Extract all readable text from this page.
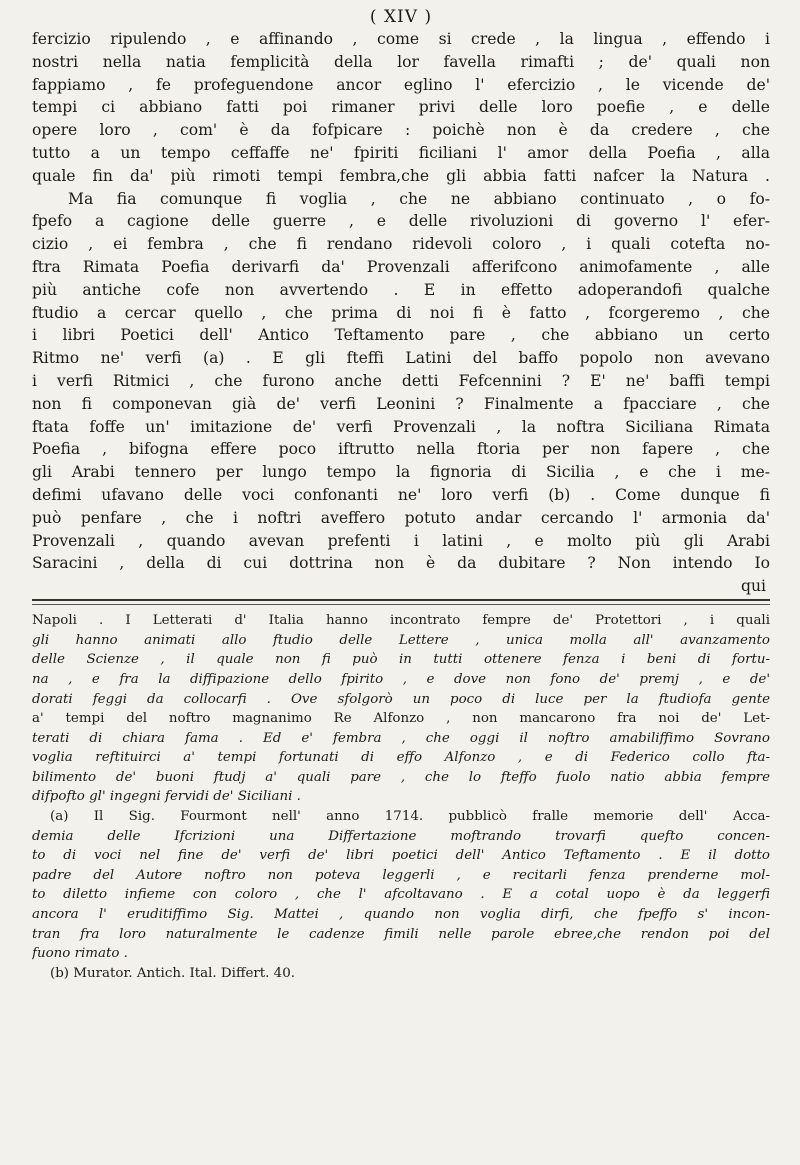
( XIV )
fercizio ripulendo , e affinando , come si crede , la lingua , effendo i
nostri nella natia femplicità della lor favella rimafti ; de' quali non
fappiamo , fe profeguendone ancor eglino l' efercizio , le vicende de'
tempi ci abbiano fatti poi rimaner privi delle loro poefie , e delle
opere loro , com' è da fofpicare : poichè non è da credere , che
tutto a un tempo ceffaffe ne' fpiriti ficiliani l' amor della Poefia , alla
quale fin da' più rimoti tempi fembra,che gli abbia fatti nafcer la Natura .
Ma fia comunque fi voglia , che ne abbiano continuato , o fo-
fpefo a cagione delle guerre , e delle rivoluzioni di governo l' efer-
cizio , ei fembra , che fi rendano ridevoli coloro , i quali cotefta no-
ftra Rimata Poefia derivarfi da' Provenzali afferifcono animofamente , alle
più antiche cofe non avvertendo . E in effetto adoperandofi qualche
ftudio a cercar quello , che prima di noi fi è fatto , fcorgeremo , che
i libri Poetici dell' Antico Teftamento pare , che abbiano un certo
Ritmo ne' verfi (a) . E gli fteffi Latini del baffo popolo non avevano
i verfi Ritmici , che furono anche detti Fefcennini ? E' ne' baffi tempi
non fi componevan già de' verfi Leonini ? Finalmente a fpacciare , che
ftata foffe un' imitazione de' verfi Provenzali , la noftra Siciliana Rimata
Poefia , bifogna effere poco iftrutto nella ftoria per non fapere , che
gli Arabi tennero per lungo tempo la fignoria di Sicilia , e che i me-
defimi ufavano delle voci confonanti ne' loro verfi (b) . Come dunque fi
può penfare , che i noftri aveffero potuto andar cercando l' armonia da'
Provenzali , quando avevan prefenti i latini , e molto più gli Arabi
Saracini , della di cui dottrina non è da dubitare ? Non intendo Io
qui
Napoli . I Letterati d' Italia hanno incontrato fempre de' Protettori , i quali
gli hanno animati allo ftudio delle Lettere , unica molla all' avanzamento
delle Scienze , il quale non fi può in tutti ottenere fenza i beni di fortu-
na , e fra la diffipazione dello fpirito , e dove non fono de' premj , e de'
dorati feggi da collocarfi . Ove sfolgorò un poco di luce per la ftudiofa gente
a' tempi del noftro magnanimo Re Alfonzo , non mancarono fra noi de' Let-
terati di chiara fama . Ed e' fembra , che oggi il noftro amabiliffimo Sovrano
voglia reftituirci a' tempi fortunati di effo Alfonzo , e di Federico collo fta-
bilimento de' buoni ftudj a' quali pare , che lo fteffo fuolo natio abbia fempre
difpofto gl' ingegni fervidi de' Siciliani .
(a) Il Sig. Fourmont nell' anno 1714. pubblicò fralle memorie dell' Acca-
demia delle Ifcrizioni una Differtazione moftrando trovarfi quefto concen-
to di voci nel fine de' verfi de' libri poetici dell' Antico Teftamento . E il dotto
padre del Autore noftro non poteva leggerli , e recitarli fenza prenderne mol-
to diletto infieme con coloro , che l' afcoltavano . E a cotal uopo è da leggerfi
ancora l' eruditiffimo Sig. Mattei , quando non voglia dirfi, che fpeffo s' incon-
tran fra loro naturalmente le cadenze fimili nelle parole ebree,che rendon poi del
fuono rimato .
(b) Murator. Antich. Ital. Differt. 40.
